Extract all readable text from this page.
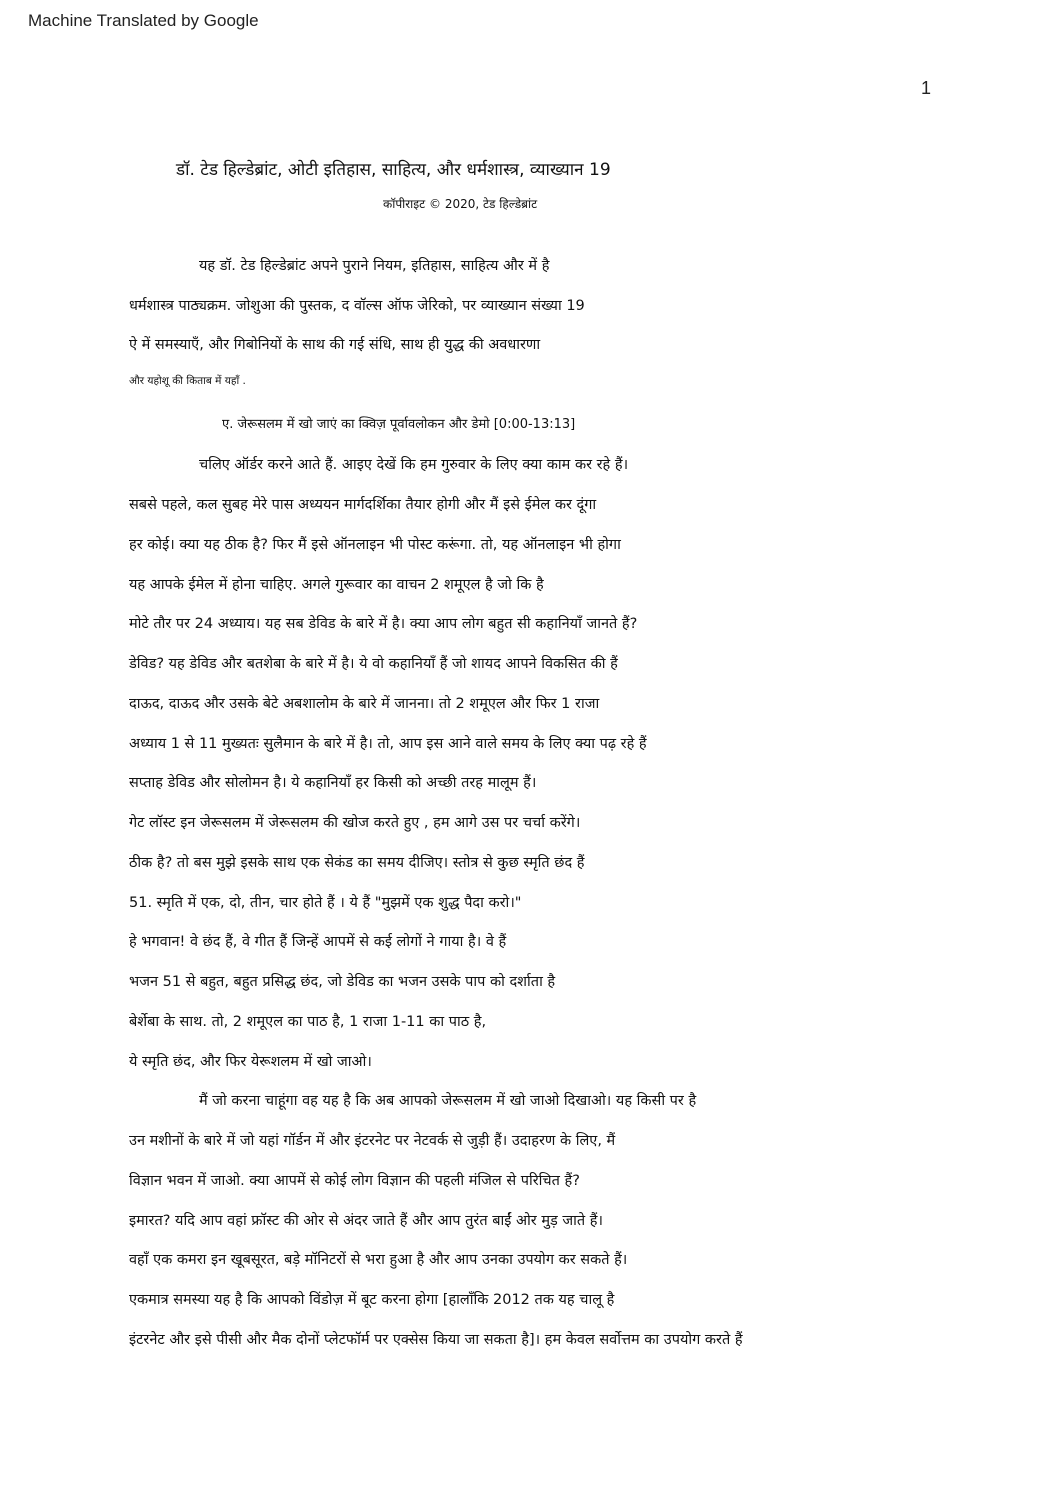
Machine Translated by Google
1
डॉ. टेड हिल्डेब्रांट, ओटी इतिहास, साहित्य, और धर्मशास्त्र, व्याख्यान 19
कॉपीराइट © 2020, टेड हिल्डेब्रांट
यह डॉ. टेड हिल्डेब्रांट अपने पुराने नियम, इतिहास, साहित्य और में है
धर्मशास्त्र पाठ्यक्रम. जोशुआ की पुस्तक, द वॉल्स ऑफ जेरिको, पर व्याख्यान संख्या 19
ऐ में समस्याएँ, और गिबोनियों के साथ की गई संधि, साथ ही युद्ध की अवधारणा
और यहोशू की किताब में यहाँ .
ए. जेरूसलम में खो जाएं का क्विज़ पूर्वावलोकन और डेमो [0:00-13:13]
चलिए ऑर्डर करने आते हैं. आइए देखें कि हम गुरुवार के लिए क्या काम कर रहे हैं।
सबसे पहले, कल सुबह मेरे पास अध्ययन मार्गदर्शिका तैयार होगी और मैं इसे ईमेल कर दूंगा
हर कोई। क्या यह ठीक है? फिर मैं इसे ऑनलाइन भी पोस्ट करूंगा. तो, यह ऑनलाइन भी होगा
यह आपके ईमेल में होना चाहिए. अगले गुरूवार का वाचन 2 शमूएल है जो कि है
मोटे तौर पर 24 अध्याय। यह सब डेविड के बारे में है। क्या आप लोग बहुत सी कहानियाँ जानते हैं?
डेविड? यह डेविड और बतशेबा के बारे में है। ये वो कहानियाँ हैं जो शायद आपने विकसित की हैं
दाऊद, दाऊद और उसके बेटे अबशालोम के बारे में जानना। तो 2 शमूएल और फिर 1 राजा
अध्याय 1 से 11 मुख्यतः सुलैमान के बारे में है। तो, आप इस आने वाले समय के लिए क्या पढ़ रहे हैं
सप्ताह डेविड और सोलोमन है। ये कहानियाँ हर किसी को अच्छी तरह मालूम हैं।
गेट लॉस्ट इन जेरूसलम में जेरूसलम की खोज करते हुए , हम आगे उस पर चर्चा करेंगे।
ठीक है? तो बस मुझे इसके साथ एक सेकंड का समय दीजिए। स्तोत्र से कुछ स्मृति छंद हैं
51. स्मृति में एक, दो, तीन, चार होते हैं । ये हैं "मुझमें एक शुद्ध पैदा करो।"
हे भगवान! वे छंद हैं, वे गीत हैं जिन्हें आपमें से कई लोगों ने गाया है। वे हैं
भजन 51 से बहुत, बहुत प्रसिद्ध छंद, जो डेविड का भजन उसके पाप को दर्शाता है
बेर्शेबा के साथ. तो, 2 शमूएल का पाठ है, 1 राजा 1-11 का पाठ है,
ये स्मृति छंद, और फिर येरूशलम में खो जाओ।
मैं जो करना चाहूंगा वह यह है कि अब आपको जेरूसलम में खो जाओ दिखाओ। यह किसी पर है
उन मशीनों के बारे में जो यहां गॉर्डन में और इंटरनेट पर नेटवर्क से जुड़ी हैं। उदाहरण के लिए, मैं
विज्ञान भवन में जाओ. क्या आपमें से कोई लोग विज्ञान की पहली मंजिल से परिचित हैं?
इमारत? यदि आप वहां फ्रॉस्ट की ओर से अंदर जाते हैं और आप तुरंत बाईं ओर मुड़ जाते हैं।
वहाँ एक कमरा इन खूबसूरत, बड़े मॉनिटरों से भरा हुआ है और आप उनका उपयोग कर सकते हैं।
एकमात्र समस्या यह है कि आपको विंडोज़ में बूट करना होगा [हालाँकि 2012 तक यह चालू है
इंटरनेट और इसे पीसी और मैक दोनों प्लेटफॉर्म पर एक्सेस किया जा सकता है]। हम केवल सर्वोत्तम का उपयोग करते हैं
